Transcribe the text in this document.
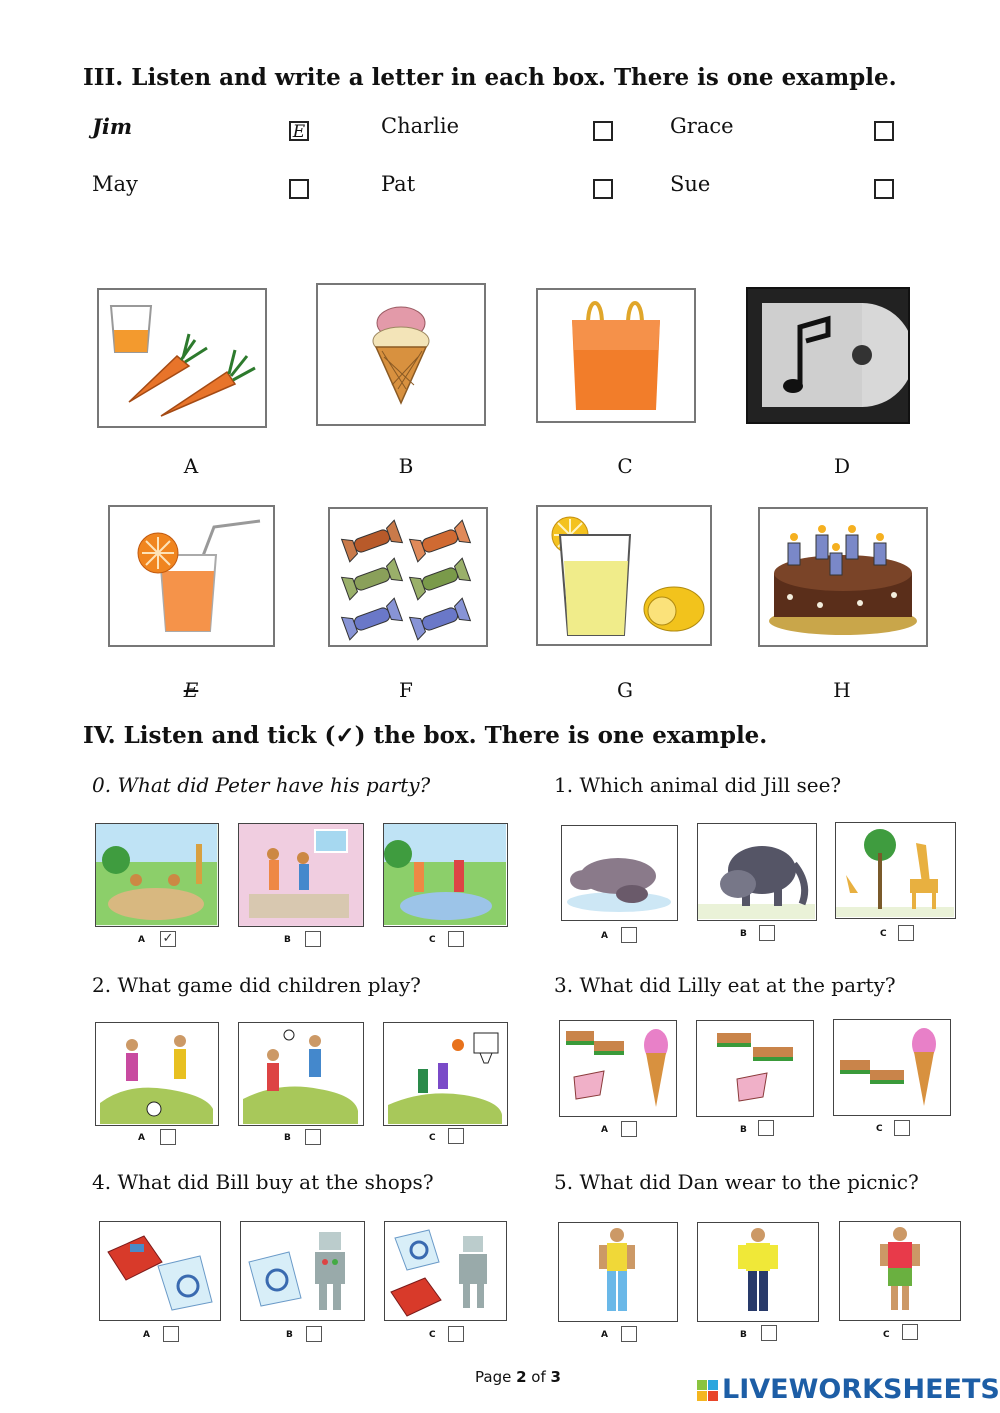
III. Listen and write a letter in each box. There is one example.
Jim	E	Charlie	Grace
May	Pat	Sue
A	B	C	D
E	F	G	H
IV. Listen and tick (✓) the box. There is one example.
0. What did Peter have his party?
A ✓	B	C
1. Which animal did Jill see?
A	B	C
2. What game did children play?
A	B	C
3. What did Lilly eat at the party?
A	B	C
4. What did Bill buy at the shops?
A	B	C
5. What did Dan wear to the picnic?
A	B	C
Page 2 of 3	LIVEWORKSHEETS
